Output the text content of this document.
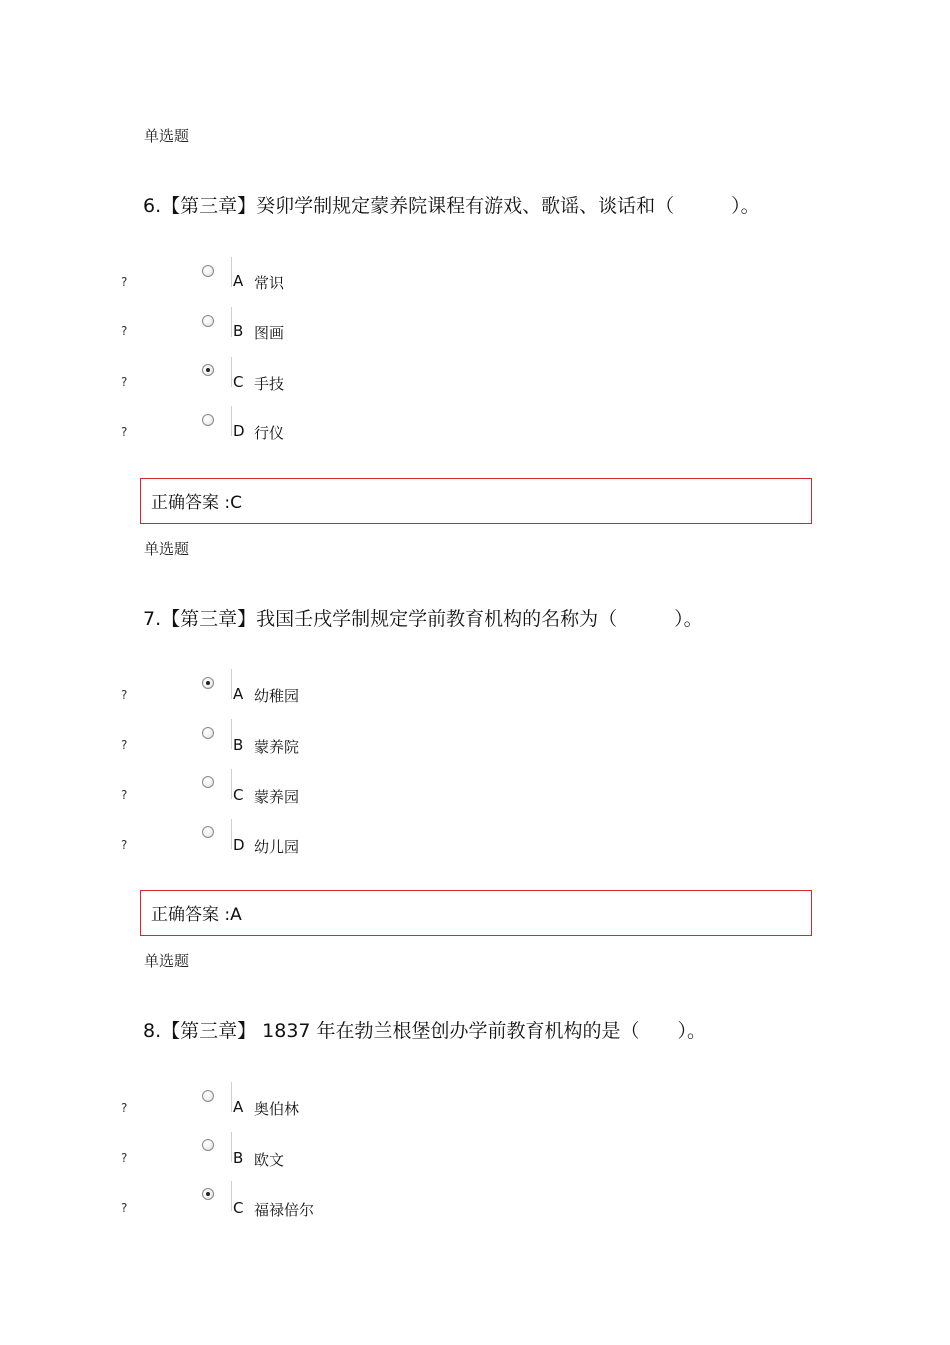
单选题
6.【第三章】癸卯学制规定蒙养院课程有游戏、歌谣、谈话和（　　　）。
?	A 常识
?	B 图画
?	C 手技
?	D 行仪
正确答案 :C
单选题
7.【第三章】我国壬戌学制规定学前教育机构的名称为（　　　）。
?	A 幼稚园
?	B 蒙养院
?	C 蒙养园
?	D 幼儿园
正确答案 :A
单选题
8.【第三章】 1837 年在勃兰根堡创办学前教育机构的是（　　）。
?	A 奥伯林
?	B 欧文
?	C 福禄倍尔
